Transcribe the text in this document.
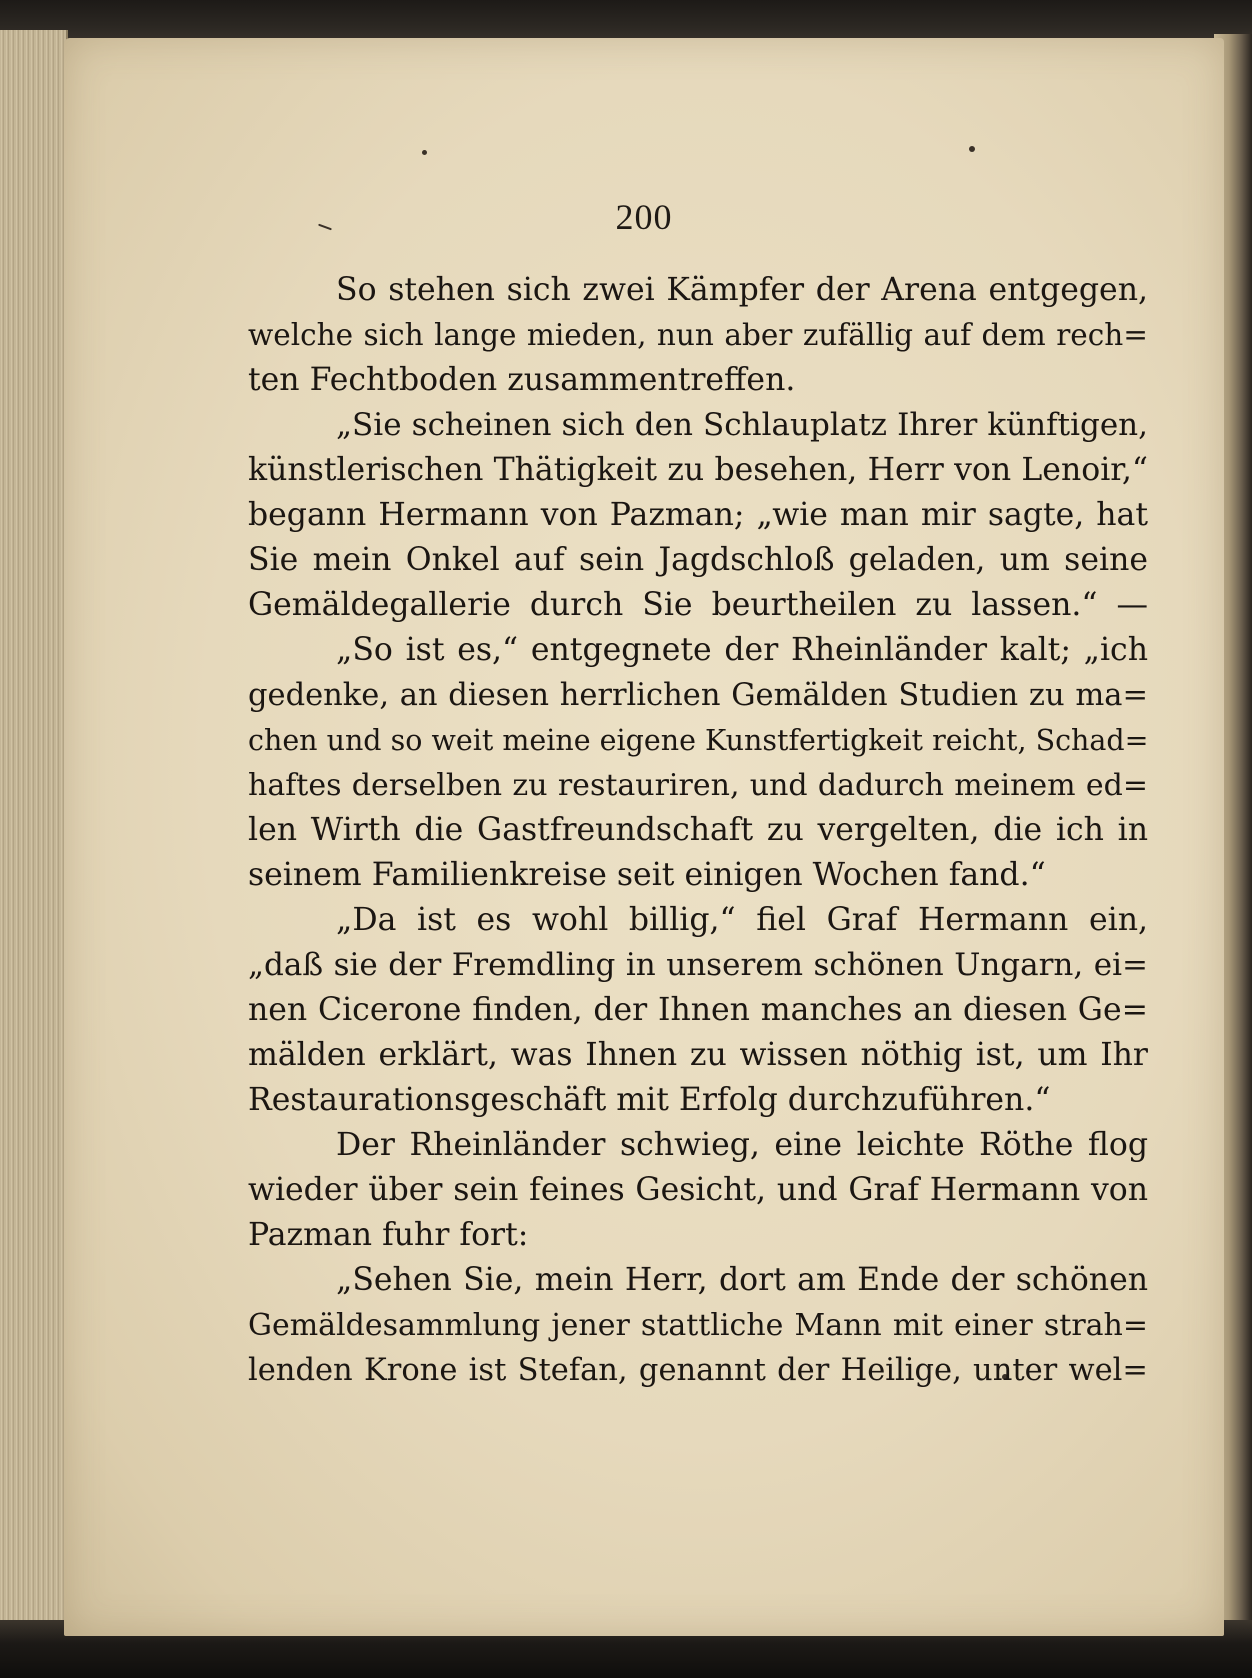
200
So stehen sich zwei Kämpfer der Arena entgegen,
welche sich lange mieden, nun aber zufällig auf dem rech=
ten Fechtboden zusammentreffen.
„Sie scheinen sich den Schlauplatz Ihrer künftigen,
künstlerischen Thätigkeit zu besehen, Herr von Lenoir,“
begann Hermann von Pazman; „wie man mir sagte, hat
Sie mein Onkel auf sein Jagdschloß geladen, um seine
Gemäldegallerie durch Sie beurtheilen zu lassen.“ —
„So ist es,“ entgegnete der Rheinländer kalt; „ich
gedenke, an diesen herrlichen Gemälden Studien zu ma=
chen und so weit meine eigene Kunstfertigkeit reicht, Schad=
haftes derselben zu restauriren, und dadurch meinem ed=
len Wirth die Gastfreundschaft zu vergelten, die ich in
seinem Familienkreise seit einigen Wochen fand.“
„Da ist es wohl billig,“ fiel Graf Hermann ein,
„daß sie der Fremdling in unserem schönen Ungarn, ei=
nen Cicerone finden, der Ihnen manches an diesen Ge=
mälden erklärt, was Ihnen zu wissen nöthig ist, um Ihr
Restaurationsgeschäft mit Erfolg durchzuführen.“
Der Rheinländer schwieg, eine leichte Röthe flog
wieder über sein feines Gesicht, und Graf Hermann von
Pazman fuhr fort:
„Sehen Sie, mein Herr, dort am Ende der schönen
Gemäldesammlung jener stattliche Mann mit einer strah=
lenden Krone ist Stefan, genannt der Heilige, unter wel=
